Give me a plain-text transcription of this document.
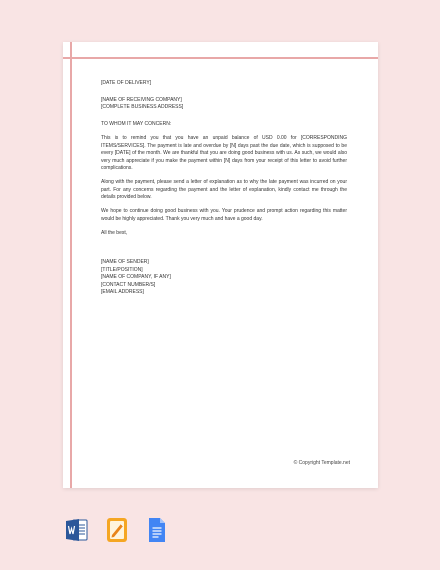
[DATE OF DELIVERY]
[NAME OF RECEIVING COMPANY]
[COMPLETE BUSINESS ADDRESS]
TO WHOM IT MAY CONCERN:

This is to remind you that you have an unpaid balance of USD 0.00 for [CORRESPONDING ITEMS/SERVICES]. The payment is late and overdue by [N] days past the due date, which is supposed to be every [DATE] of the month. We are thankful that you are doing good business with us. As such, we would also very much appreciate if you make the payment within [N] days from your receipt of this letter to avoid further complications.

Along with the payment, please send a letter of explanation as to why the late payment was incurred on your part. For any concerns regarding the payment and the letter of explanation, kindly contact me through the details provided below.

We hope to continue doing good business with you. Your prudence and prompt action regarding this matter would be highly appreciated. Thank you very much and have a good day.

All the best,
[NAME OF SENDER]
[TITLE/POSITION]
[NAME OF COMPANY, IF ANY]
[CONTACT NUMBER/S]
[EMAIL ADDRESS]
© Copyright Template.net
